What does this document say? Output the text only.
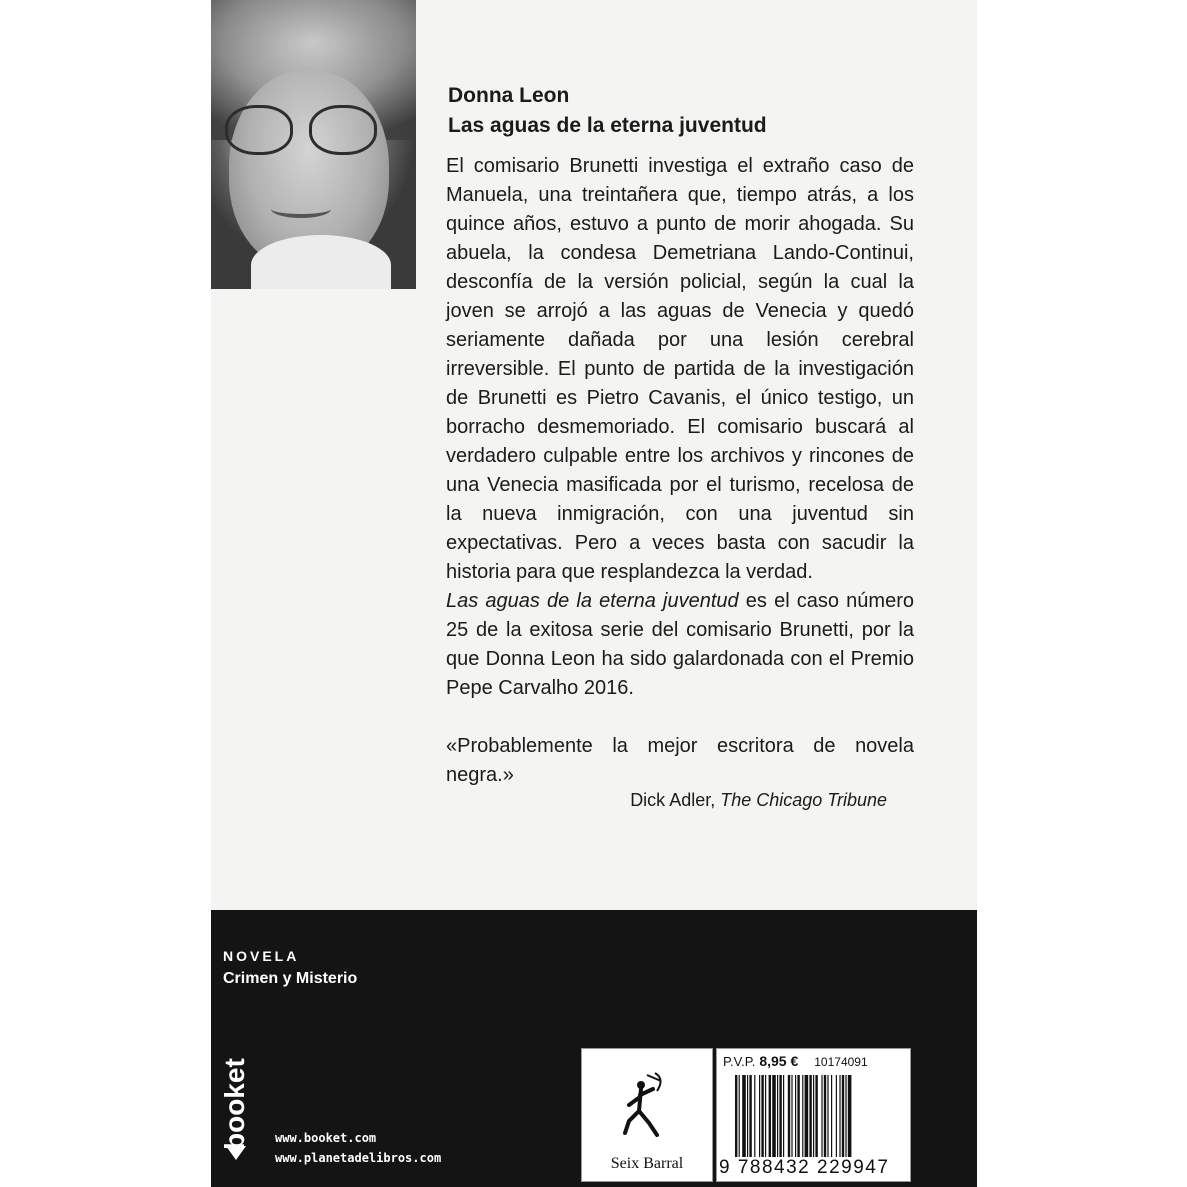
Donna Leon

Las aguas de la eterna juventud

El comisario Brunetti investiga el extraño caso de Manuela, una treintañera que, tiempo atrás, a los quince años, estuvo a punto de morir ahogada. Su abuela, la condesa Demetriana Lando-Continui, desconfía de la versión policial, según la cual la joven se arrojó a las aguas de Venecia y quedó seriamente dañada por una lesión cerebral irreversible. El punto de partida de la investigación de Brunetti es Pietro Cavanis, el único testigo, un borracho desmemoriado. El comisario buscará al verdadero culpable entre los archivos y rincones de una Venecia masificada por el turismo, recelosa de la nueva inmigración, con una juventud sin expectativas. Pero a veces basta con sacudir la historia para que resplandezca la verdad.
Las aguas de la eterna juventud es el caso número 25 de la exitosa serie del comisario Brunetti, por la que Donna Leon ha sido galardonada con el Premio Pepe Carvalho 2016.

«Probablemente la mejor escritora de novela negra.»

Dick Adler, The Chicago Tribune

NOVELA

Crimen y Misterio

booket www.booket.com

www.planetadelibros.com	Seix Barral
P.V.P. 8,95 € 10174091
9 788432 229947
